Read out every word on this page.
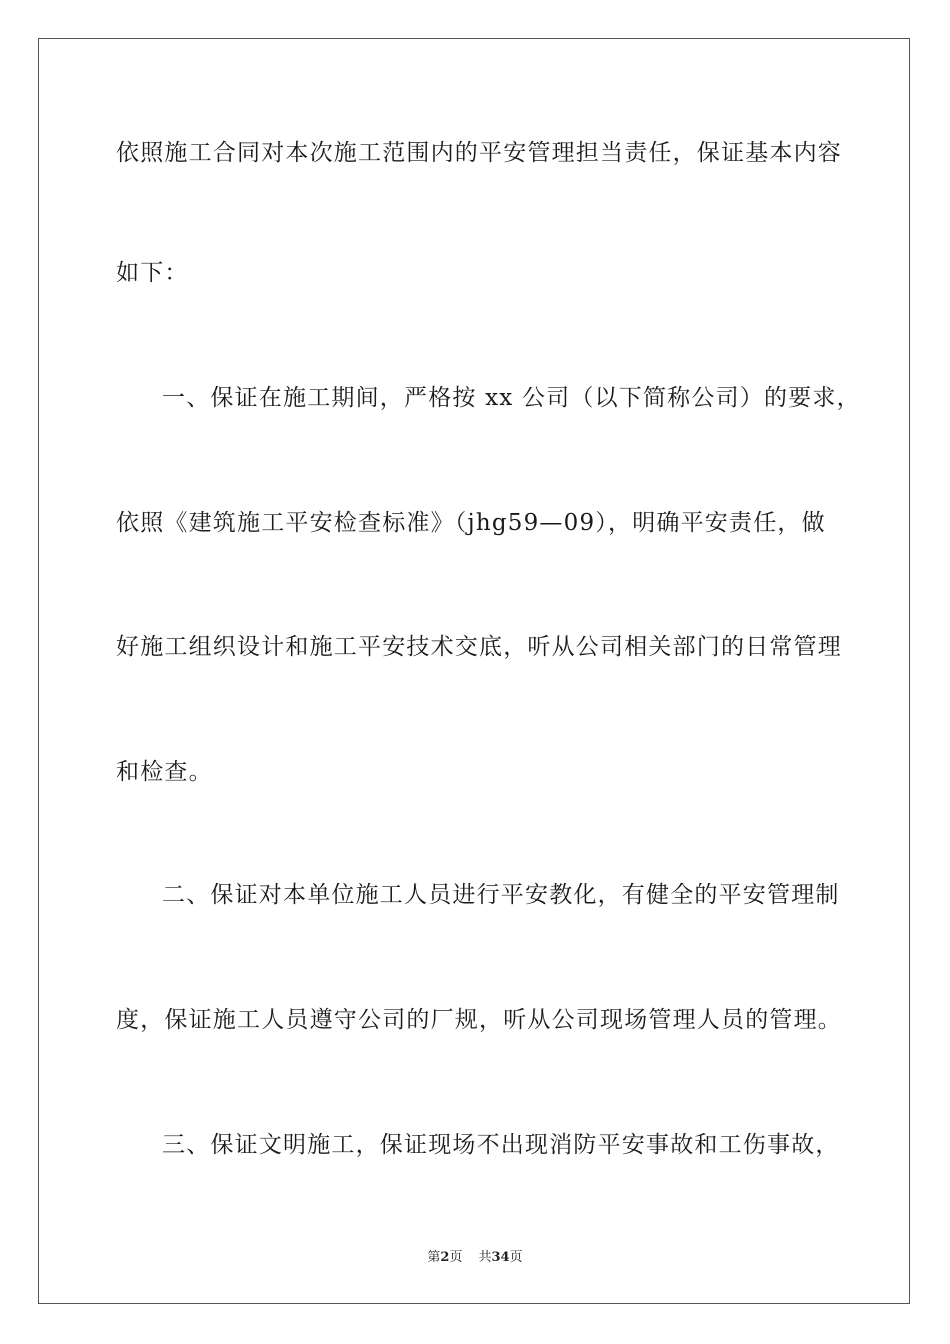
依照施工合同对本次施工范围内的平安管理担当责任，保证基本内容
如下：
一、保证在施工期间，严格按 xx 公司（以下简称公司）的要求，
依照《建筑施工平安检查标准》（jhg59—09），明确平安责任，做
好施工组织设计和施工平安技术交底，听从公司相关部门的日常管理
和检查。
二、保证对本单位施工人员进行平安教化，有健全的平安管理制
度，保证施工人员遵守公司的厂规，听从公司现场管理人员的管理。
三、保证文明施工，保证现场不出现消防平安事故和工伤事故，
第2页 共34页
